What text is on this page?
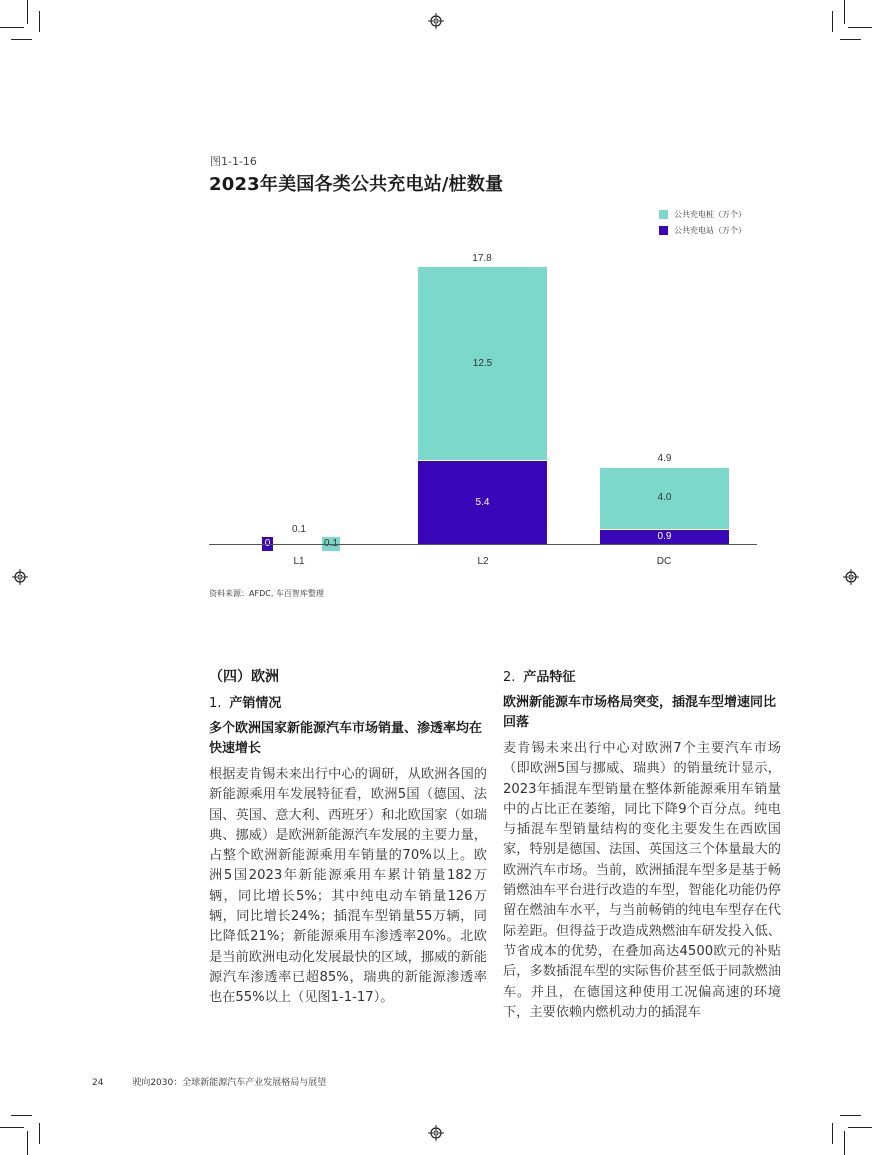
图1-1-16
2023年美国各类公共充电站/桩数量
公共充电桩（万个）
公共充电站（万个）
0.1
L1
17.8
12.5
5.4
L2
4.9
4.0
0.9
DC
资料来源：AFDC, 车百智库整理
（四）欧洲
1. 产销情况
多个欧洲国家新能源汽车市场销量、渗透率均在快速增长
根据麦肯锡未来出行中心的调研，从欧洲各国的新能源乘用车发展特征看，欧洲5国（德国、法国、英国、意大利、西班牙）和北欧国家（如瑞典、挪威）是欧洲新能源汽车发展的主要力量，占整个欧洲新能源乘用车销量的70%以上。欧洲5国2023年新能源乘用车累计销量182万辆，同比增长5%；其中纯电动车销量126万辆，同比增长24%；插混车型销量55万辆，同比降低21%；新能源乘用车渗透率20%。北欧是当前欧洲电动化发展最快的区域，挪威的新能源汽车渗透率已超85%，瑞典的新能源渗透率也在55%以上（见图1-1-17）。
2. 产品特征
欧洲新能源车市场格局突变，插混车型增速同比回落
麦肯锡未来出行中心对欧洲7个主要汽车市场（即欧洲5国与挪威、瑞典）的销量统计显示，2023年插混车型销量在整体新能源乘用车销量中的占比正在萎缩，同比下降9个百分点。纯电与插混车型销量结构的变化主要发生在西欧国家，特别是德国、法国、英国这三个体量最大的欧洲汽车市场。当前，欧洲插混车型多是基于畅销燃油车平台进行改造的车型，智能化功能仍停留在燃油车水平，与当前畅销的纯电车型存在代际差距。但得益于改造成熟燃油车研发投入低、节省成本的优势，在叠加高达4500欧元的补贴后，多数插混车型的实际售价甚至低于同款燃油车。并且，在德国这种使用工况偏高速的环境下，主要依赖内燃机动力的插混车
24	驶向2030：全球新能源汽车产业发展格局与展望
